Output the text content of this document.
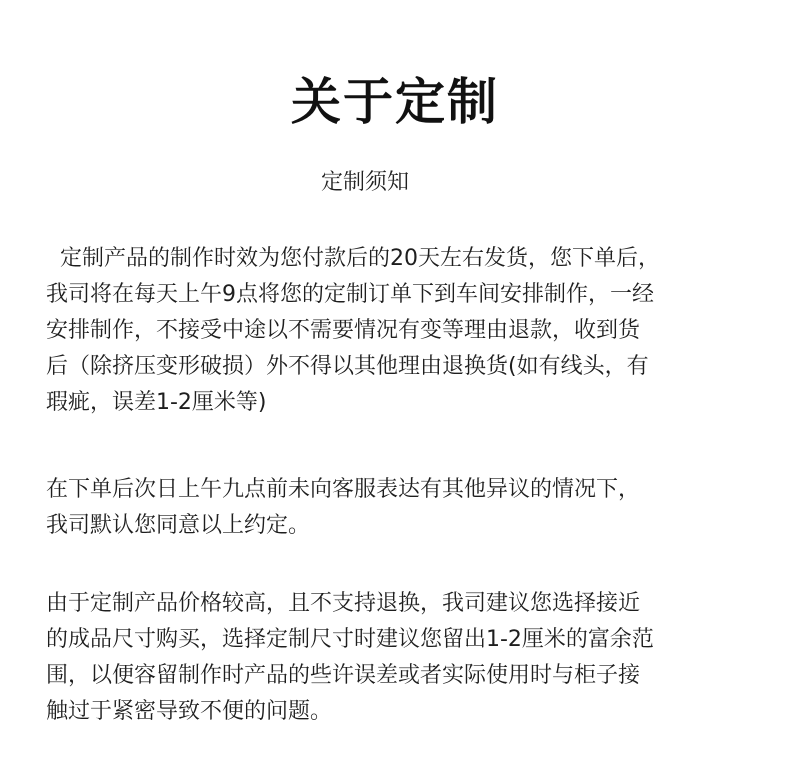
关于定制
定制须知

定制产品的制作时效为您付款后的20天左右发货，您下单后，
我司将在每天上午9点将您的定制订单下到车间安排制作，一经
安排制作，不接受中途以不需要情况有变等理由退款，收到货
后（除挤压变形破损）外不得以其他理由退换货(如有线头，有
瑕疵，误差1-2厘米等)

在下单后次日上午九点前未向客服表达有其他异议的情况下，
我司默认您同意以上约定。

由于定制产品价格较高，且不支持退换，我司建议您选择接近
的成品尺寸购买，选择定制尺寸时建议您留出1-2厘米的富余范
围，以便容留制作时产品的些许误差或者实际使用时与柜子接
触过于紧密导致不便的问题。
